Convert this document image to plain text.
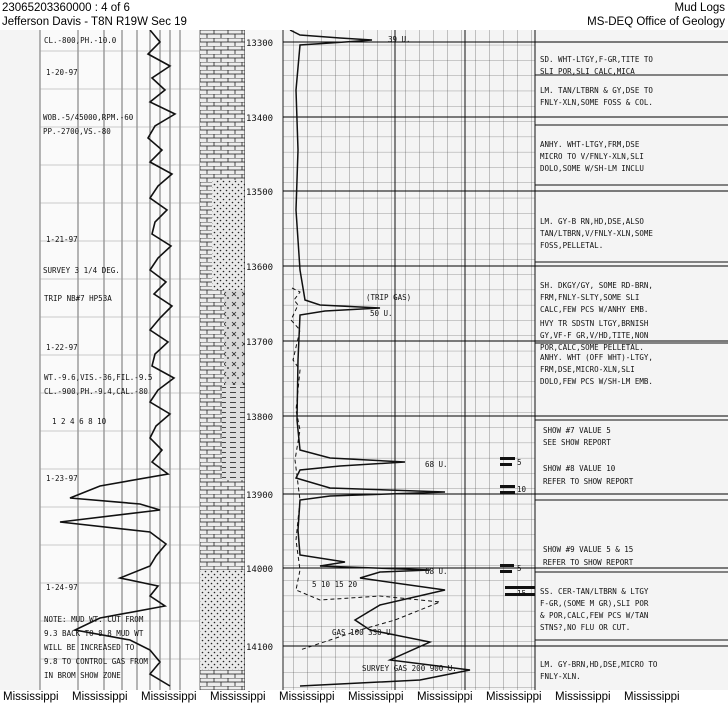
23065203360000 : 4 of 6
Jefferson Davis - T8N R19W Sec 19
Mud Logs
MS-DEQ Office of Geology
13300
13400
13500
13600
13700
13800
13900
14000
14100
CL.-800,PH.-10.0
1-20-97
WOB.-5/45000,RPM.-60
PP.-2700,VS.-80
1-21-97
SURVEY 3 1/4 DEG.
TRIP NB#7 HP53A
1-22-97
WT.-9.6,VIS.-36,FIL.-9.5
CL.-900,PH.-9.4,CAL.-80
1 2 4 6 8 10
1-23-97
1-24-97
NOTE: MUD WT. CUT FROM
9.3 BACK TO 8.8 MUD WT
WILL BE INCREASED TO
9.8 TO CONTROL GAS FROM
IN BROM SHOW ZONE
39 U.
(TRIP GAS)
50 U.
68 U.
68 U.
5 10 15 20
GAS 100 330 U.
SURVEY GAS 200 900 U.
5
10
5
15
SD. WHT-LTGY,F-GR,TITE TO
SLI POR,SLI CALC,MICA
LM. TAN/LTBRN & GY,DSE TO
FNLY-XLN,SOME FOSS & COL.
ANHY. WHT-LTGY,FRM,DSE
MICRO TO V/FNLY-XLN,SLI
DOLO,SOME W/SH-LM INCLU
LM. GY-B RN,HD,DSE,ALSO
TAN/LTBRN,V/FNLY-XLN,SOME
FOSS,PELLETAL.
SH. DKGY/GY, SOME RD-BRN,
FRM,FNLY-SLTY,SOME SLI
CALC,FEW PCS W/ANHY EMB.
HVY TR SDSTN LTGY,BRNISH
GY,VF-F GR,V/HD,TITE,NON
POR,CALC,SOME PELLETAL.
ANHY. WHT (OFF WHT)-LTGY,
FRM,DSE,MICRO-XLN,SLI
DOLO,FEW PCS W/SH-LM EMB.
SHOW #7 VALUE 5
SEE SHOW REPORT
SHOW #8 VALUE 10
REFER TO SHOW REPORT
SHOW #9 VALUE 5 & 15
REFER TO SHOW REPORT
SS. CER-TAN/LTBRN & LTGY
F-GR,(SOME M GR),SLI POR
& POR,CALC,FEW PCS W/TAN
STNS?,NO FLU OR CUT.
LM. GY-BRN,HD,DSE,MICRO TO
FNLY-XLN.
Mississippi Mississippi Mississippi Mississippi Mississippi Mississippi Mississippi Mississippi Mississippi Mississippi
